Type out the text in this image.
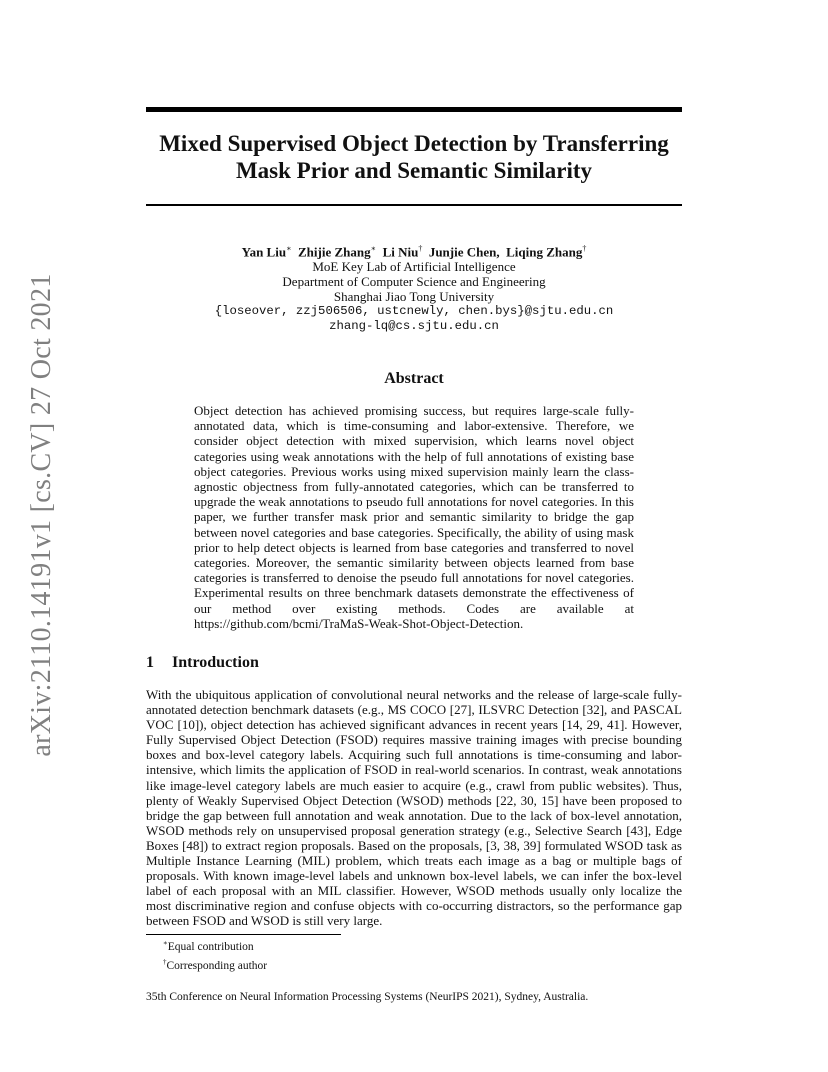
arXiv:2110.14191v1 [cs.CV] 27 Oct 2021
Mixed Supervised Object Detection by Transferring
Mask Prior and Semantic Similarity
Yan Liu∗ Zhijie Zhang∗ Li Niu† Junjie Chen, Liqing Zhang†
MoE Key Lab of Artificial Intelligence
Department of Computer Science and Engineering
Shanghai Jiao Tong University
{loseover, zzj506506, ustcnewly, chen.bys}@sjtu.edu.cn
zhang-lq@cs.sjtu.edu.cn
Abstract
Object detection has achieved promising success, but requires large-scale fully-annotated data, which is time-consuming and labor-extensive. Therefore, we consider object detection with mixed supervision, which learns novel object categories using weak annotations with the help of full annotations of existing base object categories. Previous works using mixed supervision mainly learn the class-agnostic objectness from fully-annotated categories, which can be transferred to upgrade the weak annotations to pseudo full annotations for novel categories. In this paper, we further transfer mask prior and semantic similarity to bridge the gap between novel categories and base categories. Specifically, the ability of using mask prior to help detect objects is learned from base categories and transferred to novel categories. Moreover, the semantic similarity between objects learned from base categories is transferred to denoise the pseudo full annotations for novel categories. Experimental results on three benchmark datasets demonstrate the effectiveness of our method over existing methods. Codes are available at https://github.com/bcmi/TraMaS-Weak-Shot-Object-Detection.
1 Introduction

With the ubiquitous application of convolutional neural networks and the release of large-scale fully-annotated detection benchmark datasets (e.g., MS COCO [27], ILSVRC Detection [32], and PASCAL VOC [10]), object detection has achieved significant advances in recent years [14, 29, 41]. However, Fully Supervised Object Detection (FSOD) requires massive training images with precise bounding boxes and box-level category labels. Acquiring such full annotations is time-consuming and labor-intensive, which limits the application of FSOD in real-world scenarios. In contrast, weak annotations like image-level category labels are much easier to acquire (e.g., crawl from public websites). Thus, plenty of Weakly Supervised Object Detection (WSOD) methods [22, 30, 15] have been proposed to bridge the gap between full annotation and weak annotation. Due to the lack of box-level annotation, WSOD methods rely on unsupervised proposal generation strategy (e.g., Selective Search [43], Edge Boxes [48]) to extract region proposals. Based on the proposals, [3, 38, 39] formulated WSOD task as Multiple Instance Learning (MIL) problem, which treats each image as a bag or multiple bags of proposals. With known image-level labels and unknown box-level labels, we can infer the box-level label of each proposal with an MIL classifier. However, WSOD methods usually only localize the most discriminative region and confuse objects with co-occurring distractors, so the performance gap between FSOD and WSOD is still very large.

∗Equal contribution
†Corresponding author
35th Conference on Neural Information Processing Systems (NeurIPS 2021), Sydney, Australia.
